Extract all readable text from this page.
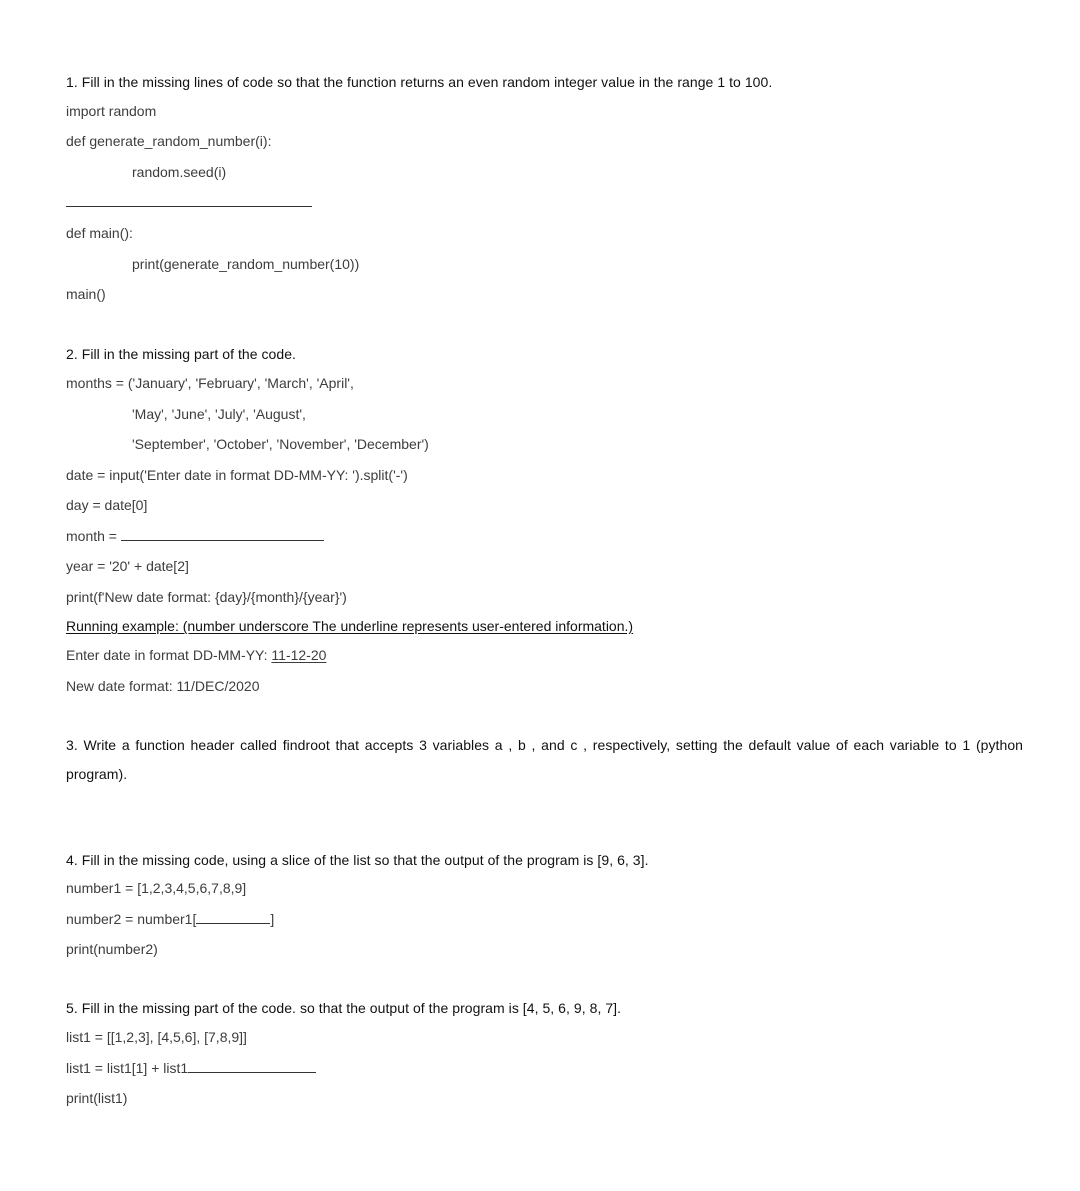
1. Fill in the missing lines of code so that the function returns an even random integer value in the range 1 to 100.
import random
def generate_random_number(i):
random.seed(i)
def main():
print(generate_random_number(10))
main()
2. Fill in the missing part of the code.
months = ('January', 'February', 'March', 'April',
'May', 'June', 'July', 'August',
'September', 'October', 'November', 'December')
date = input('Enter date in format DD-MM-YY: ').split('-')
day = date[0]
month =
year = '20' + date[2]
print(f'New date format: {day}/{month}/{year}')
Running example: (number underscore The underline represents user-entered information.)
Enter date in format DD-MM-YY: 11-12-20
New date format: 11/DEC/2020
3. Write a function header called findroot that accepts 3 variables a , b , and c , respectively, setting the default value of each variable to 1 (python
program).
4. Fill in the missing code, using a slice of the list so that the output of the program is [9, 6, 3].
number1 = [1,2,3,4,5,6,7,8,9]
number2 = number1[	]
print(number2)
5. Fill in the missing part of the code. so that the output of the program is [4, 5, 6, 9, 8, 7].
list1 = [[1,2,3], [4,5,6], [7,8,9]]
list1 = list1[1] + list1
print(list1)
